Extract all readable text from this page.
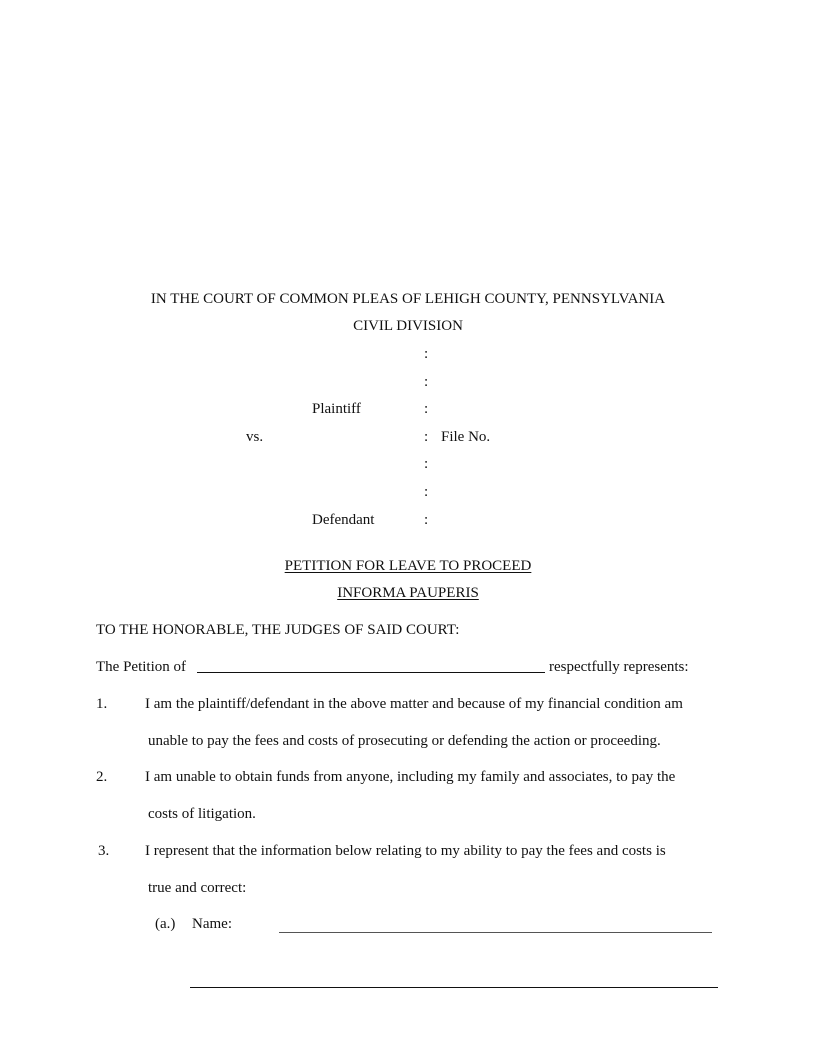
IN THE COURT OF COMMON PLEAS OF LEHIGH COUNTY, PENNSYLVANIA
CIVIL DIVISION
:
:
Plaintiff	:
vs.	: File No.
:
:
Defendant	:
PETITION FOR LEAVE TO PROCEED
INFORMA PAUPERIS
TO THE HONORABLE, THE JUDGES OF SAID COURT:
The Petition of	respectfully represents:
1.	I am the plaintiff/defendant in the above matter and because of my financial condition am
unable to pay the fees and costs of prosecuting or defending the action or proceeding.
2.	I am unable to obtain funds from anyone, including my family and associates, to pay the
costs of litigation.
3. I represent that the information below relating to my ability to pay the fees and costs is
true and correct:
(a.) Name:
